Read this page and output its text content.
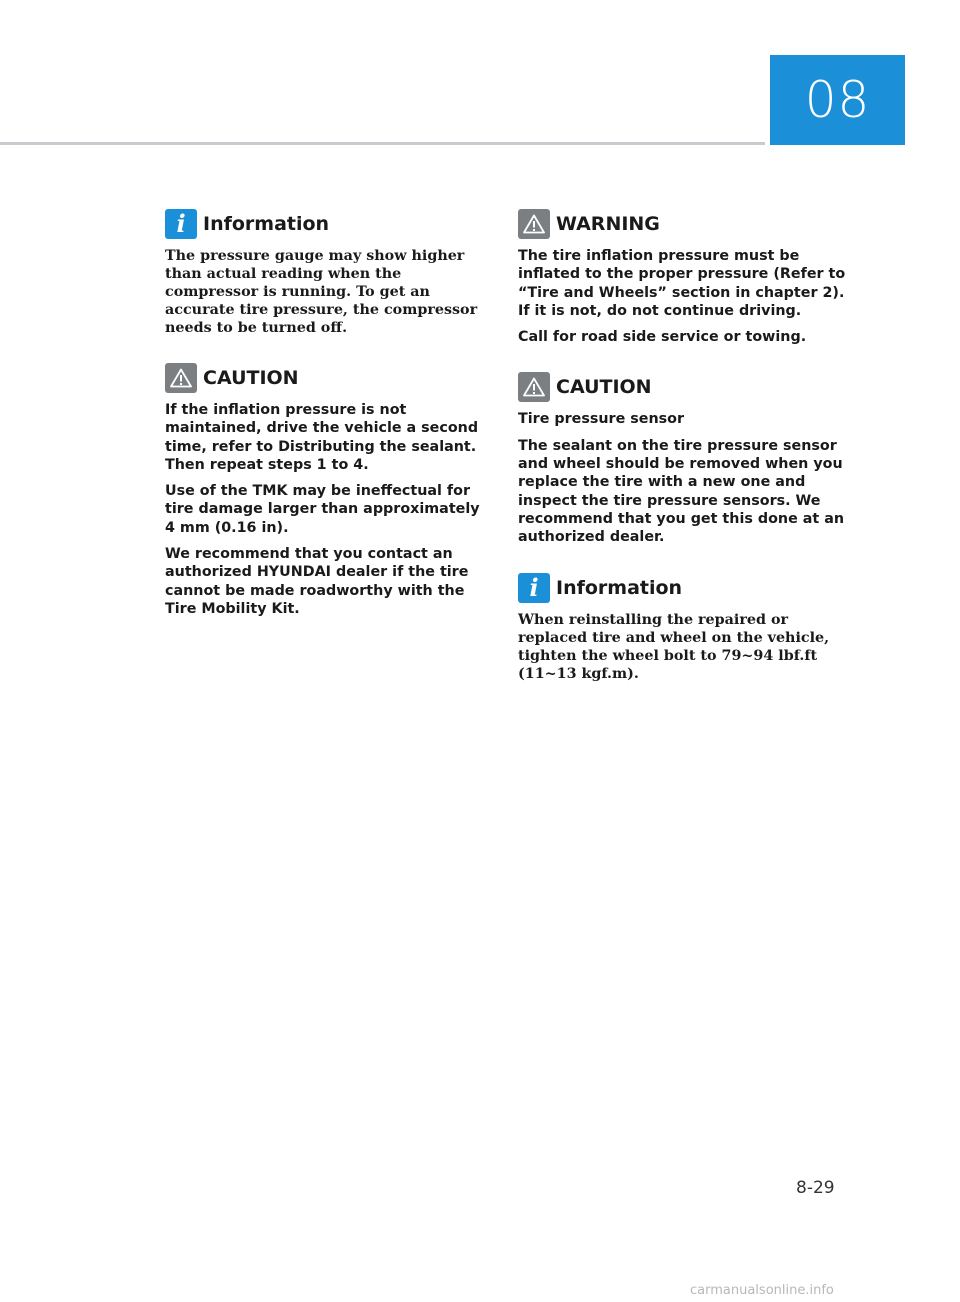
08
i Information

The pressure gauge may show higher than actual reading when the compressor is running. To get an accurate tire pressure, the compressor needs to be turned off.

CAUTION

If the inflation pressure is not maintained, drive the vehicle a second time, refer to Distributing the sealant. Then repeat steps 1 to 4.

Use of the TMK may be ineffectual for tire damage larger than approximately 4 mm (0.16 in).

We recommend that you contact an authorized HYUNDAI dealer if the tire cannot be made roadworthy with the Tire Mobility Kit.

WARNING

The tire inflation pressure must be inflated to the proper pressure (Refer to “Tire and Wheels” section in chapter 2). If it is not, do not continue driving.

Call for road side service or towing.

CAUTION

Tire pressure sensor

The sealant on the tire pressure sensor and wheel should be removed when you replace the tire with a new one and inspect the tire pressure sensors. We recommend that you get this done at an authorized dealer.

i Information

When reinstalling the repaired or replaced tire and wheel on the vehicle, tighten the wheel bolt to 79~94 lbf.ft (11~13 kgf.m).

8-29
carmanualsonline.info
